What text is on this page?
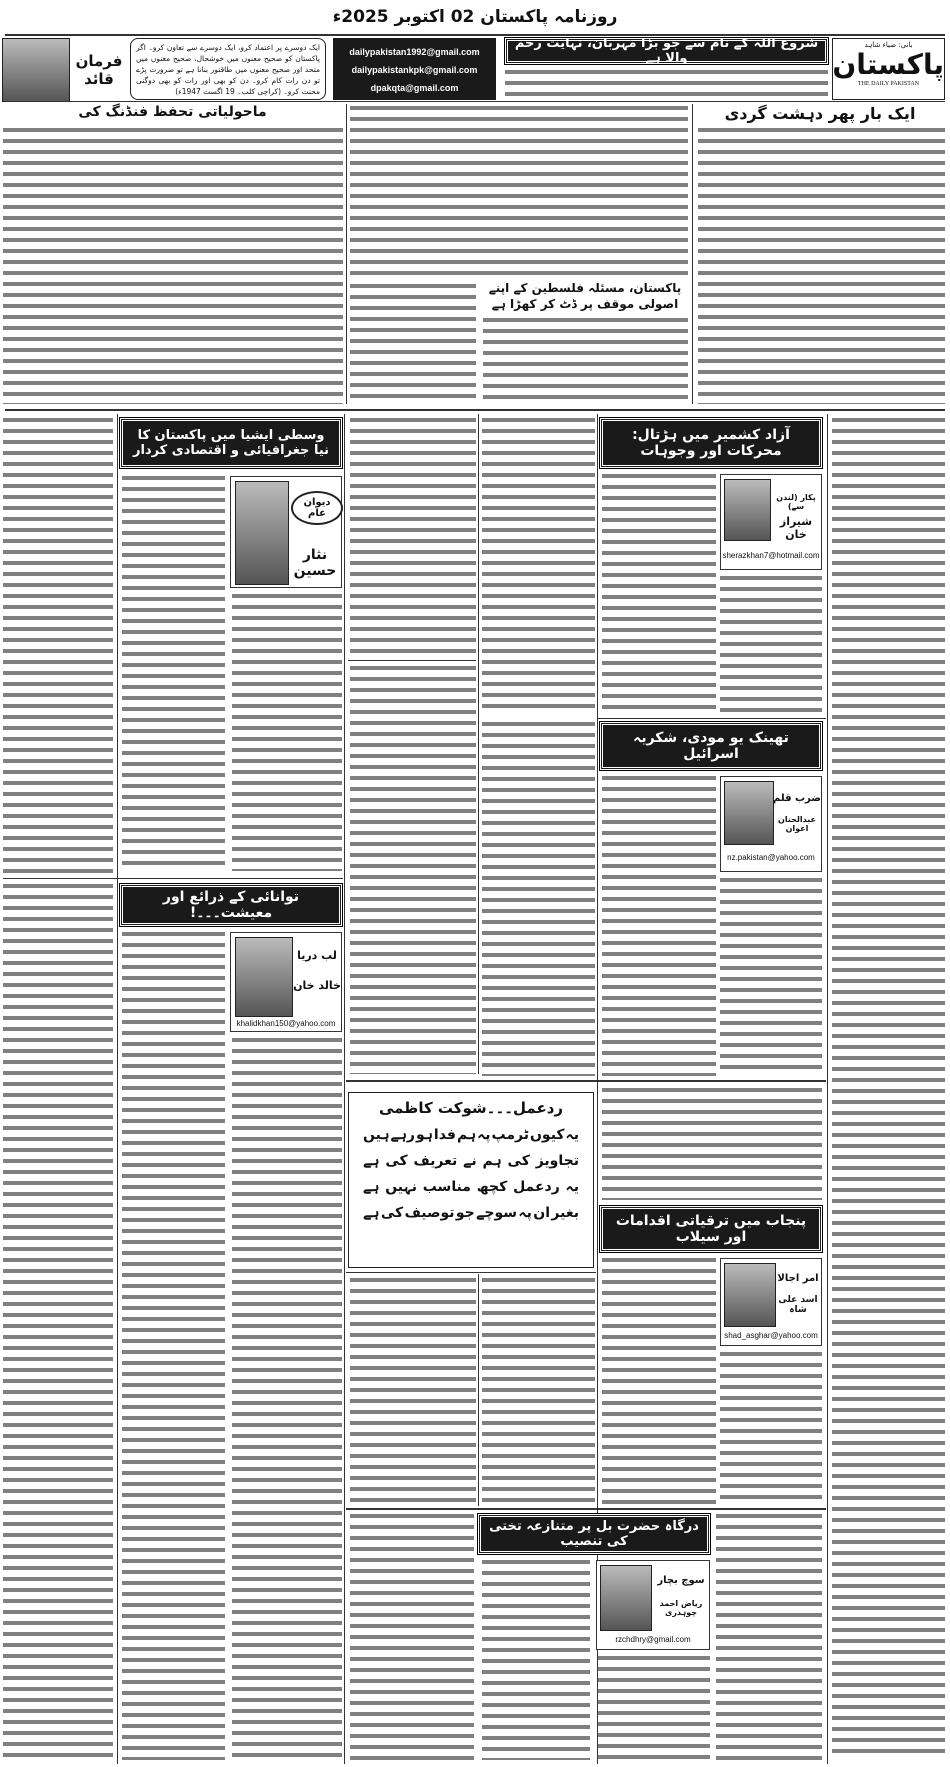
روزنامہ پاکستان 02 اکتوبر 2025ء
بانی: ضیاء شاہد
پاکستان
THE DAILY PAKISTAN
شروع اللہ کے نام سے جو بڑا مہربان، نہایت رحم والا ہے
dailypakistan1992@gmail.com
dailypakistankpk@gmail.com
dpakqta@gmail.com
ایک دوسرے پر اعتماد کرو، ایک دوسرے سے تعاون کرو۔ اگر پاکستان کو صحیح معنوں میں خوشحال، صحیح معنوں میں متحد اور صحیح معنوں میں طاقتور بنانا ہے تو ضرورت پڑے تو دن رات کام کرو۔ دن کو بھی اور رات کو بھی دوگنی محنت کرو۔ (کراچی کلب۔ 19 اگست 1947ء)
فرمان قائد
ایک بار پھر دہشت گردی
پاکستان، مسئلہ فلسطین کے اپنے اصولی موقف پر ڈٹ کر کھڑا ہے
ماحولیاتی تحفظ فنڈنگ کی
آزاد کشمیر میں ہڑتال: محرکات اور وجوہات
پکار (لندن سے)
شیراز خان
sherazkhan7@hotmail.com
وسطی ایشیا میں پاکستان کا نیا جغرافیائی و اقتصادی کردار
دیوان عام
نثار حسین
تھینک یو مودی، شکریہ اسرائیل
ضرب قلم
عبدالحنان اعوان
nz.pakistan@yahoo.com
توانائی کے ذرائع اور معیشت۔۔۔!
لب دریا
خالد خان
khalidkhan150@yahoo.com
ردعمل۔۔۔شوکت کاظمی
یہ
کیوں
ٹرمپ
پہ
ہم
فدا
ہو
رہے
ہیں
تجاویز
کی
ہم
نے
تعریف
کی
ہے
یہ
ردعمل
کچھ
مناسب
نہیں
ہے
بغیر
ان
پہ
سوچے
جو
توصیف
کی
ہے	پنجاب میں ترقیاتی اقدامات اور سیلاب
امر اجالا
اسد علی شاہ
shad_asghar@yahoo.com
درگاہ حضرت بل پر متنازعہ تختی کی تنصیب
سوچ بچار
ریاض احمد چوہدری
rzchdhry@gmail.com
